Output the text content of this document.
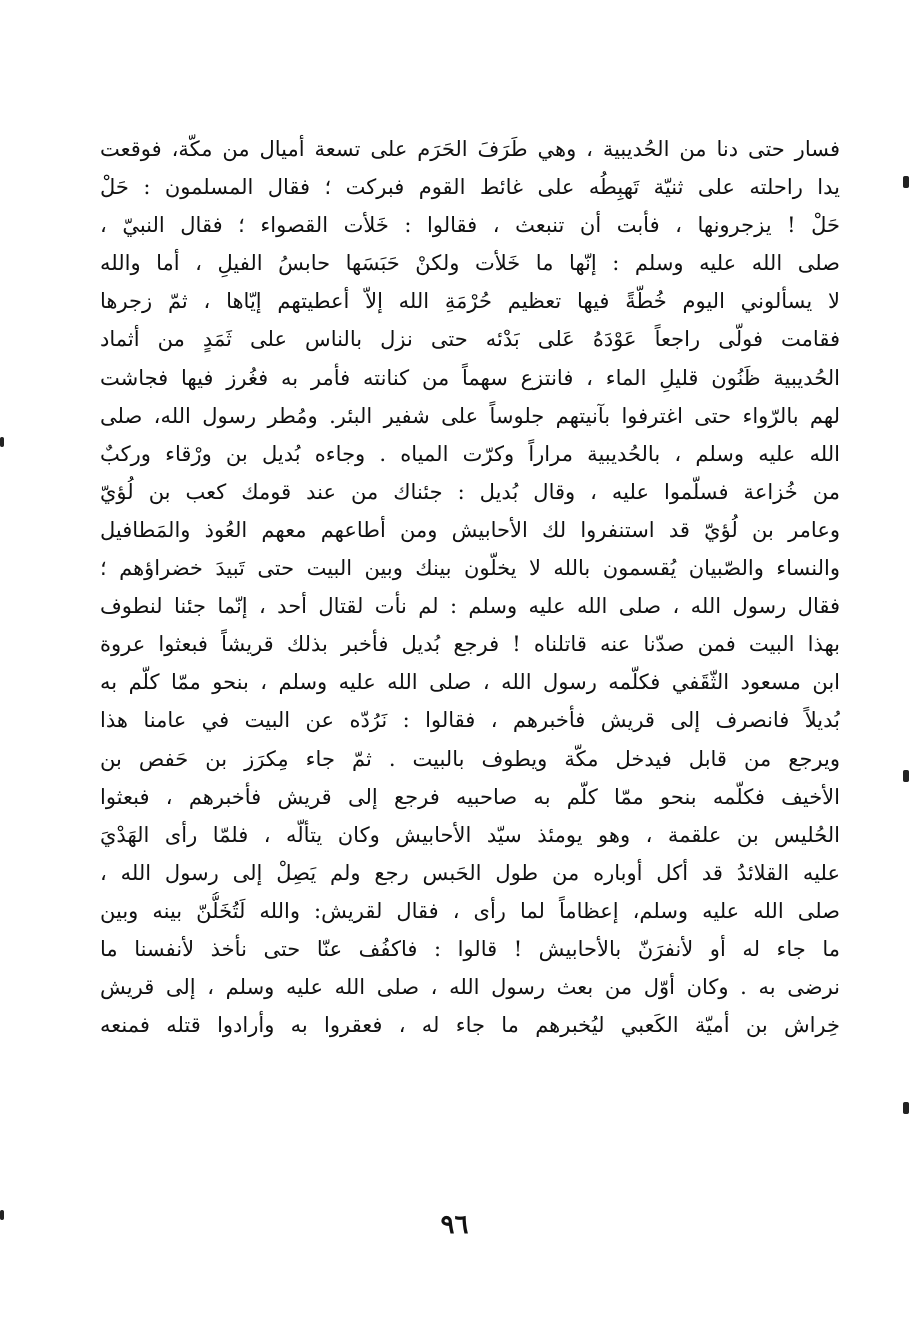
فسار حتى دنا من الحُديبية ، وهي طَرَفَ الحَرَم على تسعة أميال من مكّة، فوقعت
يدا راحلته على ثنيّة تَهبِطُه على غائط القوم فبركت ؛ فقال المسلمون : حَلْ
حَلْ ! يزجرونها ، فأبت أن تنبعث ، فقالوا : خَلأت القصواء ؛ فقال النبيّ ،
صلى الله عليه وسلم : إنّها ما خَلأت ولكنْ حَبَسَها حابسُ الفيلِ ، أما والله
لا يسألوني اليوم خُطّةً فيها تعظيم حُرْمَةِ الله إلاّ أعطيتهم إيّاها ، ثمّ زجرها
فقامت فولّى راجعاً عَوْدَهُ عَلى بَدْئه حتى نزل بالناس على ثَمَدٍ من أثماد
الحُديبية ظَنُون قليلِ الماء ، فانتزع سهماً من كنانته فأمر به فغُرز فيها فجاشت
لهم بالرّواء حتى اغترفوا بآنيتهم جلوساً على شفير البئر. ومُطر رسول الله، صلى
الله عليه وسلم ، بالحُديبية مراراً وكرّت المياه . وجاءه بُديل بن ورْقاء وركبٌ
من خُزاعة فسلّموا عليه ، وقال بُديل : جئناك من عند قومك كعب بن لُؤيّ
وعامر بن لُؤيّ قد استنفروا لك الأحابيش ومن أطاعهم معهم العُوذ والمَطافيل
والنساء والصّبيان يُقسمون بالله لا يخلّون بينك وبين البيت حتى تَبيدَ خضراؤهم ؛
فقال رسول الله ، صلى الله عليه وسلم : لم نأت لقتال أحد ، إنّما جئنا لنطوف
بهذا البيت فمن صدّنا عنه قاتلناه ! فرجع بُديل فأخبر بذلك قريشاً فبعثوا عروة
ابن مسعود الثّقَفي فكلّمه رسول الله ، صلى الله عليه وسلم ، بنحو ممّا كلّم به
بُديلاً فانصرف إلى قريش فأخبرهم ، فقالوا : نَرُدّه عن البيت في عامنا هذا
ويرجع من قابل فيدخل مكّة ويطوف بالبيت . ثمّ جاء مِكرَز بن حَفص بن
الأخيف فكلّمه بنحو ممّا كلّم به صاحبيه فرجع إلى قريش فأخبرهم ، فبعثوا
الحُليس بن علقمة ، وهو يومئذ سيّد الأحابيش وكان يتألّه ، فلمّا رأى الهَدْيَ
عليه القلائدُ قد أكل أوباره من طول الحَبس رجع ولم يَصِلْ إلى رسول الله ،
صلى الله عليه وسلم، إعظاماً لما رأى ، فقال لقريش: والله لَتُخَلُّنّ بينه وبين
ما جاء له أو لأنفرَنّ بالأحابيش ! قالوا : فاكفُف عنّا حتى نأخذ لأنفسنا ما
نرضى به . وكان أوّل من بعث رسول الله ، صلى الله عليه وسلم ، إلى قريش
خِراش بن أميّة الكَعبي ليُخبرهم ما جاء له ، فعقروا به وأرادوا قتله فمنعه
٩٦
